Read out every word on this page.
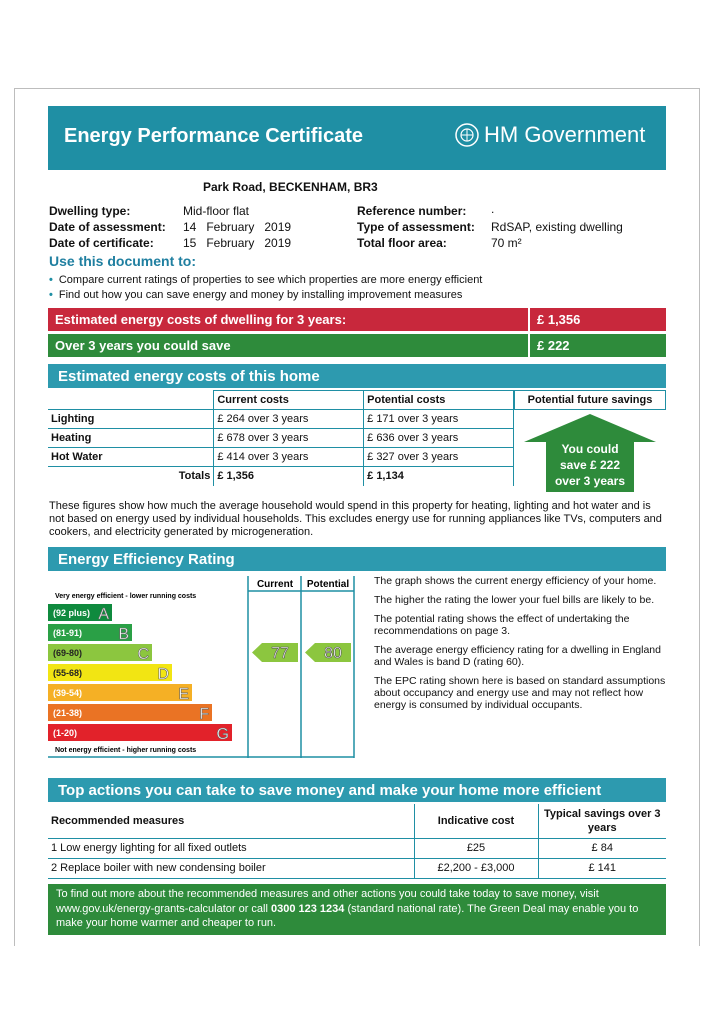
Energy Performance Certificate	HM Government
Park Road, BECKENHAM, BR3
Dwelling type:	Mid-floor flat
Date of assessment: 14   February   2019
Date of certificate: 15   February   2019
Reference number: .
Type of assessment: RdSAP, existing dwelling
Total floor area:	70 m²
Use this document to:
• Compare current ratings of properties to see which properties are more energy efficient
• Find out how you can save energy and money by installing improvement measures
Estimated energy costs of dwelling for 3 years:	£ 1,356
Over 3 years you could save	£ 222
Estimated energy costs of this home
	Current costs	Potential costs
Lighting	£ 264 over 3 years	£ 171 over 3 years
Heating	£ 678 over 3 years	£ 636 over 3 years
Hot Water	£ 414 over 3 years	£ 327 over 3 years
Totals	£ 1,356	£ 1,134
Potential future savings
You could
save £ 222
over 3 years
These figures show how much the average household would spend in this property for heating, lighting and hot water and is not based on energy used by individual households. This excludes energy use for running appliances like TVs, computers and cookers, and electricity generated by microgeneration.
Energy Efficiency Rating
Current Potential
Very energy efficient - lower running costs
Not energy efficient - higher running costs
(92 plus) A
(81-91) B
(69-80)	C
(55-68)	D
(39-54)	E
(21-38)	F
(1-20)	G
77 80

The graph shows the current energy efficiency of your home.

The higher the rating the lower your fuel bills are likely to be.

The potential rating shows the effect of undertaking the recommendations on page 3.

The average energy efficiency rating for a dwelling in England and Wales is band D (rating 60).

The EPC rating shown here is based on standard assumptions about occupancy and energy use and may not reflect how energy is consumed by individual occupants.

Top actions you can take to save money and make your home more efficient
Recommended measures	Indicative cost	Typical savings over 3 years
1 Low energy lighting for all fixed outlets	£25	£ 84
2 Replace boiler with new condensing boiler	£2,200 - £3,000	£ 141
To find out more about the recommended measures and other actions you could take today to save money, visit www.gov.uk/energy-grants-calculator or call 0300 123 1234 (standard national rate). The Green Deal may enable you to make your home warmer and cheaper to run.
